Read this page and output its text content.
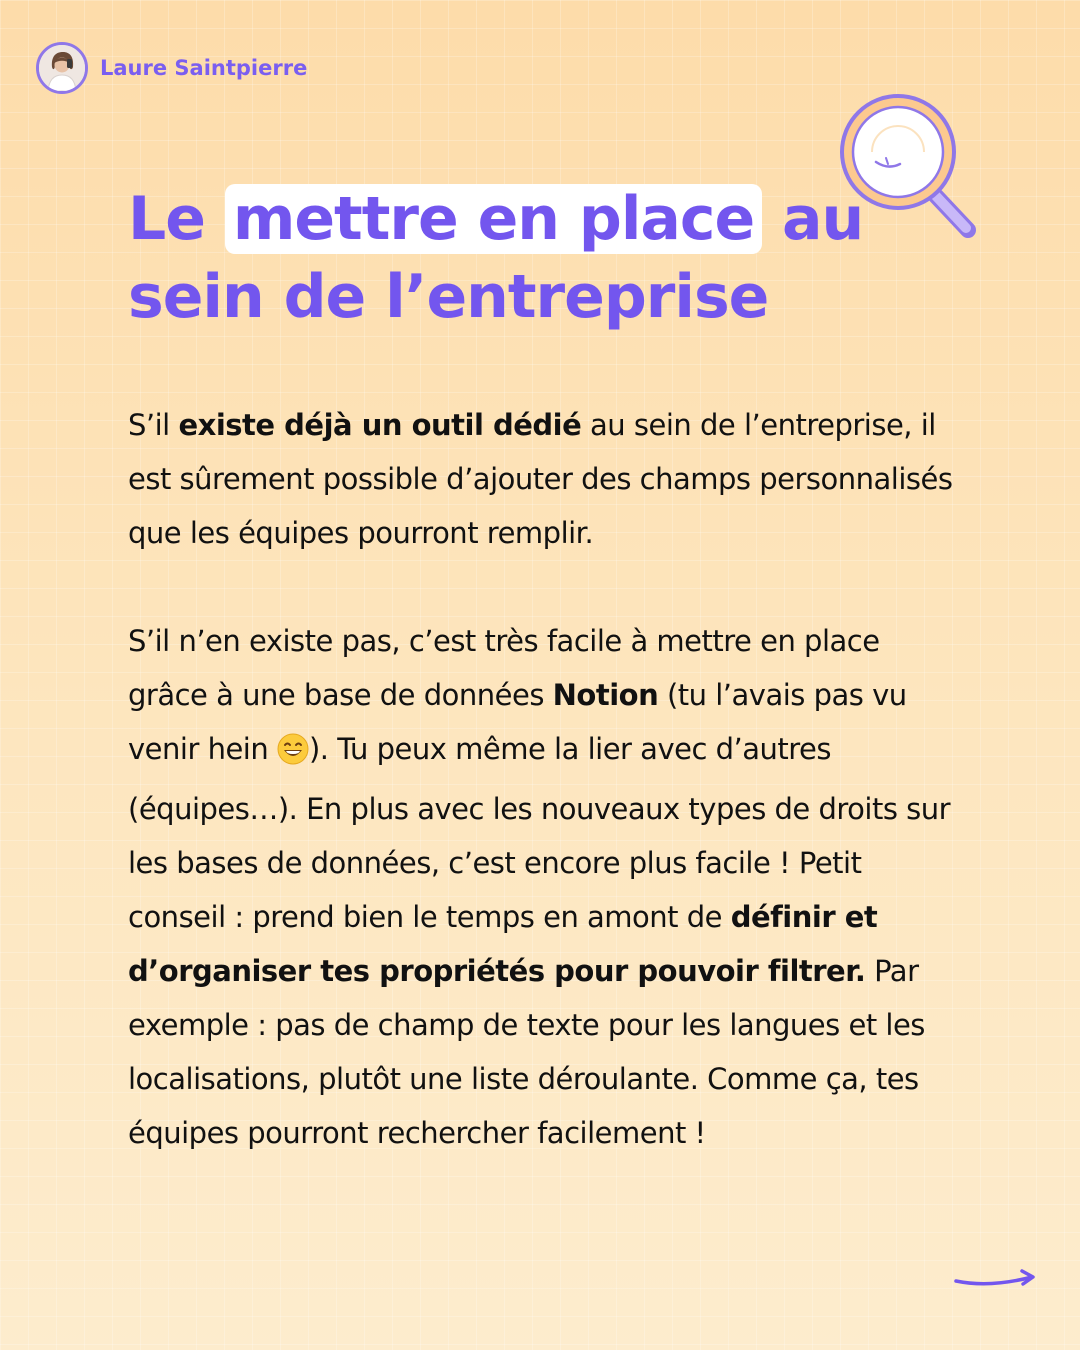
Laure Saintpierre
Le mettre en place au
sein de l’entreprise

S’il existe déjà un outil dédié au sein de l’entreprise, il est sûrement possible d’ajouter des champs personnalisés que les équipes pourront remplir.

S’il n’en existe pas, c’est très facile à mettre en place grâce à une base de données Notion (tu l’avais pas vu venir hein ). Tu peux même la lier avec d’autres (équipes…). En plus avec les nouveaux types de droits sur les bases de données, c’est encore plus facile ! Petit conseil : prend bien le temps en amont de définir et d’organiser tes propriétés pour pouvoir filtrer. Par exemple : pas de champ de texte pour les langues et les localisations, plutôt une liste déroulante. Comme ça, tes équipes pourront rechercher facilement !
